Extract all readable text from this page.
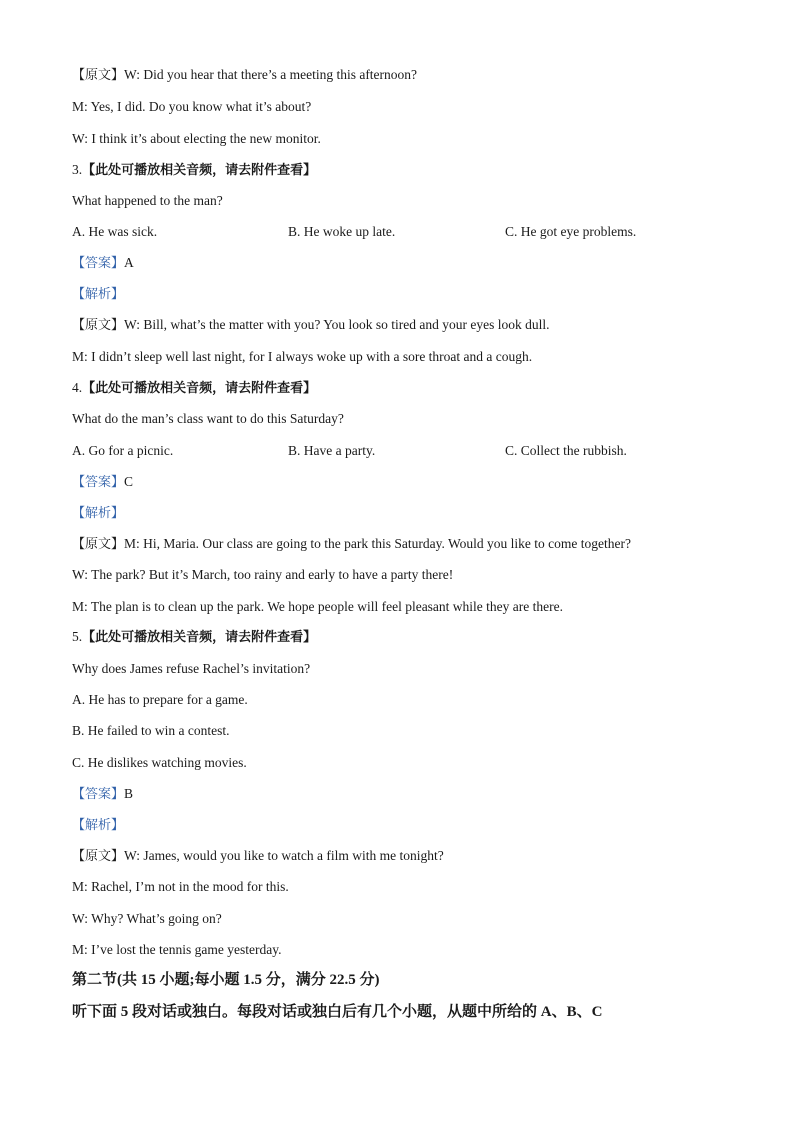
【原文】W: Did you hear that there’s a meeting this afternoon?
M: Yes, I did. Do you know what it’s about?
W: I think it’s about electing the new monitor.
3.【此处可播放相关音频，请去附件查看】
What happened to the man?
A. He was sick.	B. He woke up late.	C. He got eye problems.
【答案】A
【解析】
【原文】W: Bill, what’s the matter with you? You look so tired and your eyes look dull.
M: I didn’t sleep well last night, for I always woke up with a sore throat and a cough.
4.【此处可播放相关音频，请去附件查看】
What do the man’s class want to do this Saturday?
A. Go for a picnic.	B. Have a party.	C. Collect the rubbish.
【答案】C
【解析】
【原文】M: Hi, Maria. Our class are going to the park this Saturday. Would you like to come together?
W: The park? But it’s March, too rainy and early to have a party there!
M: The plan is to clean up the park. We hope people will feel pleasant while they are there.
5.【此处可播放相关音频，请去附件查看】
Why does James refuse Rachel’s invitation?
A. He has to prepare for a game.
B. He failed to win a contest.
C. He dislikes watching movies.
【答案】B
【解析】
【原文】W: James, would you like to watch a film with me tonight?
M: Rachel, I’m not in the mood for this.
W: Why? What’s going on?
M: I’ve lost the tennis game yesterday.
第二节(共 15 小题;每小题 1.5 分，满分 22.5 分)
听下面 5 段对话或独白。每段对话或独白后有几个小题，从题中所给的 A、B、C
